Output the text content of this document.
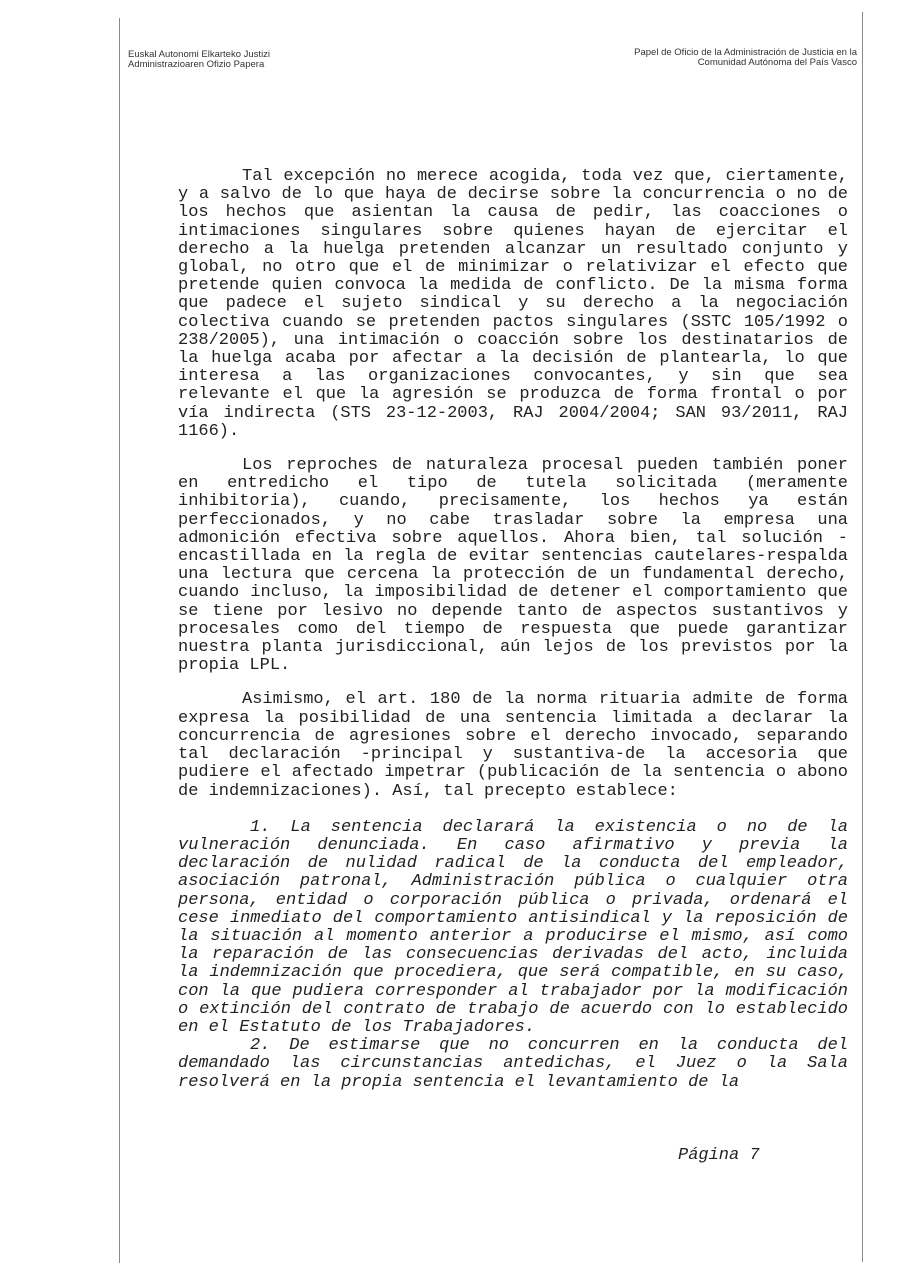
Euskal Autonomi Elkarteko Justizi
Administrazioaren Ofizio Papera
Papel de Oficio de la Administración de Justicia en la
Comunidad Autónoma del País Vasco

Tal excepción no merece acogida, toda vez que, ciertamente, y a salvo de lo que haya de decirse sobre la concurrencia o no de los hechos que asientan la causa de pedir, las coacciones o intimaciones singulares sobre quienes hayan de ejercitar el derecho a la huelga pretenden alcanzar un resultado conjunto y global, no otro que el de minimizar o relativizar el efecto que pretende quien convoca la medida de conflicto. De la misma forma que padece el sujeto sindical y su derecho a la negociación colectiva cuando se pretenden pactos singulares (SSTC 105/1992 o 238/2005), una intimación o coacción sobre los destinatarios de la huelga acaba por afectar a la decisión de plantearla, lo que interesa a las organizaciones convocantes, y sin que sea relevante el que la agresión se produzca de forma frontal o por vía indirecta (STS 23-12-2003, RAJ 2004/2004; SAN 93/2011, RAJ 1166).

Los reproches de naturaleza procesal pueden también poner en entredicho el tipo de tutela solicitada (meramente inhibitoria), cuando, precisamente, los hechos ya están perfeccionados, y no cabe trasladar sobre la empresa una admonición efectiva sobre aquellos. Ahora bien, tal solución -encastillada en la regla de evitar sentencias cautelares-respalda una lectura que cercena la protección de un fundamental derecho, cuando incluso, la imposibilidad de detener el comportamiento que se tiene por lesivo no depende tanto de aspectos sustantivos y procesales como del tiempo de respuesta que puede garantizar nuestra planta jurisdiccional, aún lejos de los previstos por la propia LPL.

Asimismo, el art. 180 de la norma rituaria admite de forma expresa la posibilidad de una sentencia limitada a declarar la concurrencia de agresiones sobre el derecho invocado, separando tal declaración -principal y sustantiva-de la accesoria que pudiere el afectado impetrar (publicación de la sentencia o abono de indemnizaciones). Así, tal precepto establece:

1. La sentencia declarará la existencia o no de la vulneración denunciada. En caso afirmativo y previa la declaración de nulidad radical de la conducta del empleador, asociación patronal, Administración pública o cualquier otra persona, entidad o corporación pública o privada, ordenará el cese inmediato del comportamiento antisindical y la reposición de la situación al momento anterior a producirse el mismo, así como la reparación de las consecuencias derivadas del acto, incluida la indemnización que procediera, que será compatible, en su caso, con la que pudiera corresponder al trabajador por la modificación o extinción del contrato de trabajo de acuerdo con lo establecido en el Estatuto de los Trabajadores.

2. De estimarse que no concurren en la conducta del demandado las circunstancias antedichas, el Juez o la Sala resolverá en la propia sentencia el levantamiento de la

Página 7
